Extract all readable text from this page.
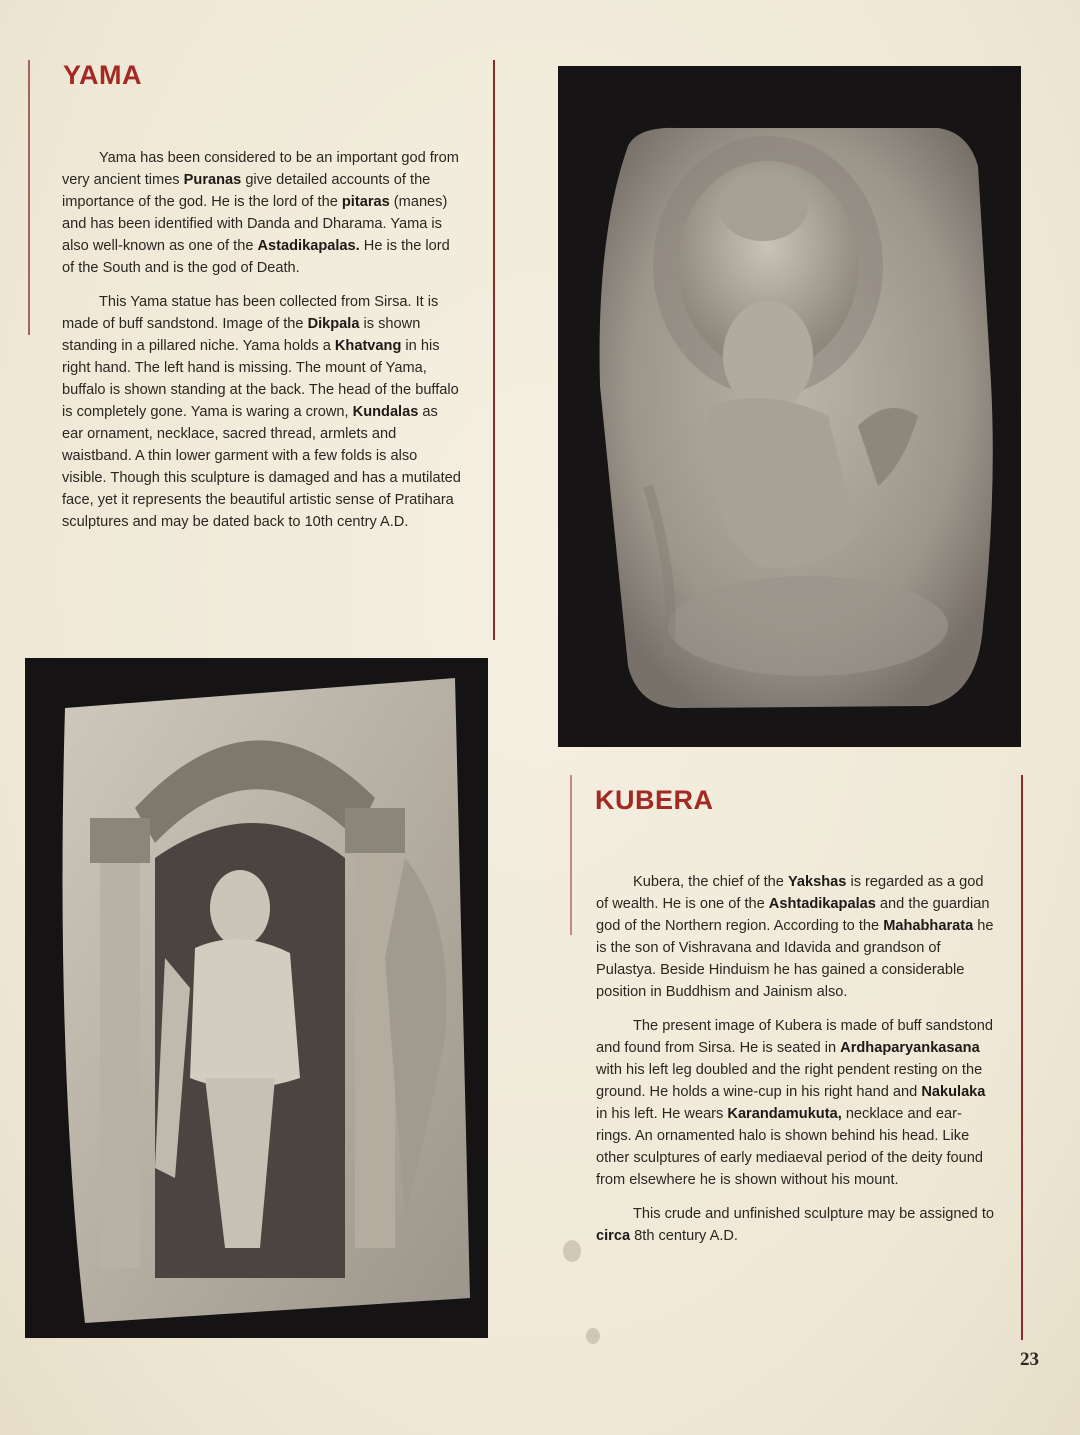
YAMA

Yama has been considered to be an important god from very ancient times Puranas give detailed accounts of the importance of the god. He is the lord of the pitaras (manes) and has been identified with Danda and Dharama. Yama is also well-known as one of the Astadikapalas. He is the lord of the South and is the god of Death.

This Yama statue has been collected from Sirsa. It is made of buff sandstond. Image of the Dikpala is shown standing in a pillared niche. Yama holds a Khatvang in his right hand. The left hand is missing. The mount of Yama, buffalo is shown standing at the back. The head of the buffalo is completely gone. Yama is waring a crown, Kundalas as ear ornament, necklace, sacred thread, armlets and waistband. A thin lower garment with a few folds is also visible. Though this sculpture is damaged and has a mutilated face, yet it represents the beautiful artistic sense of Pratihara sculptures and may be dated back to 10th centry A.D.

KUBERA

Kubera, the chief of the Yakshas is regarded as a god of wealth. He is one of the Ashtadikapalas and the guardian god of the Northern region. According to the Mahabharata he is the son of Vishravana and Idavida and grandson of Pulastya. Beside Hinduism he has gained a considerable position in Buddhism and Jainism also.

The present image of Kubera is made of buff sandstond and found from Sirsa. He is seated in Ardhaparyankasana with his left leg doubled and the right pendent resting on the ground. He holds a wine-cup in his right hand and Nakulaka in his left. He wears Karandamukuta, necklace and ear-rings. An ornamented halo is shown behind his head. Like other sculptures of early mediaeval period of the deity found from elsewhere he is shown without his mount.

This crude and unfinished sculpture may be assigned to circa 8th century A.D.

23
